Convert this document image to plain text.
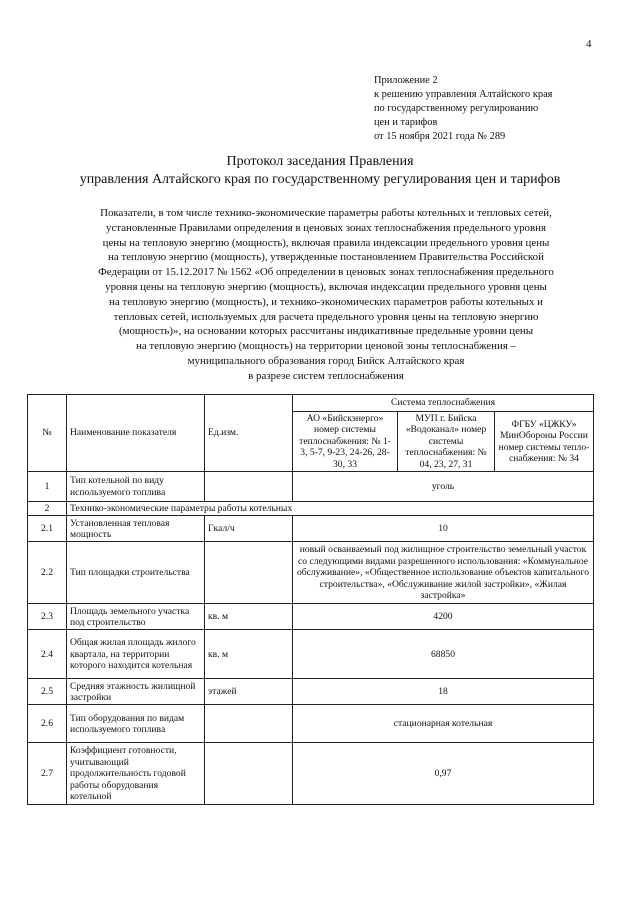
4
Приложение 2
к решению управления Алтайского края
по государственному регулированию
цен и тарифов
от 15 ноября 2021 года № 289
Протокол заседания Правления
управления Алтайского края по государственному регулирования цен и тарифов
Показатели, в том числе технико-экономические параметры работы котельных и тепловых сетей,
установленные Правилами определения в ценовых зонах теплоснабжения предельного уровня
цены на тепловую энергию (мощность), включая правила индексации предельного уровня цены
на тепловую энергию (мощность), утвержденные постановлением Правительства Российской
Федерации от 15.12.2017 № 1562 «Об определении в ценовых зонах теплоснабжения предельного
уровня цены на тепловую энергию (мощность), включая индексации предельного уровня цены
на тепловую энергию (мощность), и технико-экономических параметров работы котельных и
тепловых сетей, используемых для расчета предельного уровня цены на тепловую энергию
(мощность)», на основании которых рассчитаны индикативные предельные уровни цены
на тепловую энергию (мощность) на территории ценовой зоны теплоснабжения –
муниципального образования город Бийск Алтайского края
в разрезе систем теплоснабжения
№	Наименование показателя	Ед.изм.	Система теплоснабжения		
			АО «Бийскэнерго» номер системы теплоснабжения: № 1-3, 5-7, 9-23, 24-26, 28-30, 33	МУП г. Бийска «Водоканал» номер системы теплоснабжения: № 04, 23, 27, 31	ФГБУ «ЦЖКУ» МинОбороны России номер системы тепло-снабжения: № 34
1	Тип котельной по виду используемого топлива		уголь		
2	Технико-экономические параметры работы котельных				
2.1	Установленная тепловая мощность	Гкал/ч	10		
2.2	Тип площадки строительства		новый осваиваемый под жилищное строительство земельный участок со следующими видами разрешенного использования: «Коммунальное обслуживание», «Общественное использование объектов капитального строительства», «Обслуживание жилой застройки», «Жилая застройка»		
2.3	Площадь земельного участка под строительство	кв. м	4200		
2.4	Общая жилая площадь жилого квартала, на территории которого находится котельная	кв. м	68850		
2.5	Средняя этажность жилищной застройки	этажей	18		
2.6	Тип оборудования по видам используемого топлива		стационарная котельная		
2.7	Коэффициент готовности, учитывающий продолжительность годовой работы оборудования котельной		0,97		
